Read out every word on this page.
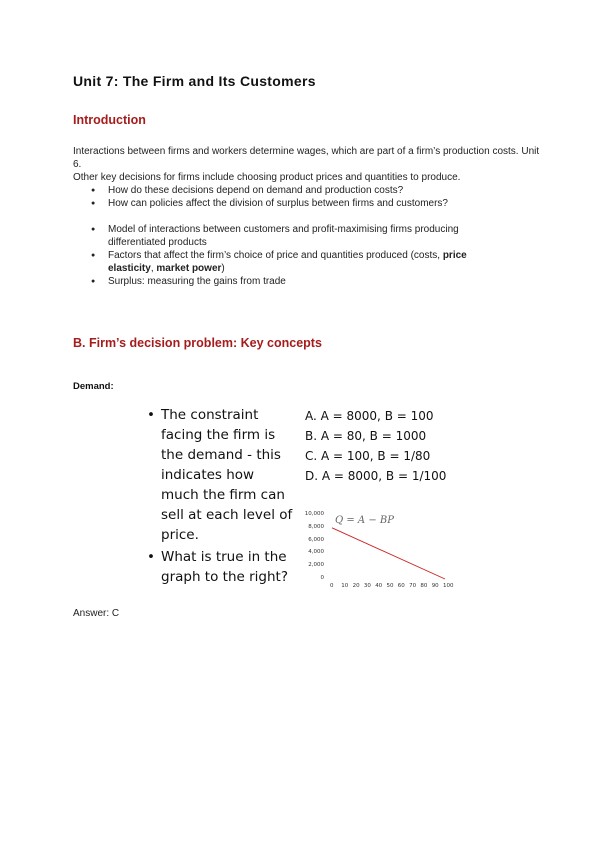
Unit 7: The Firm and Its Customers
Introduction
Interactions between firms and workers determine wages, which are part of a firm’s production costs. Unit 6.
Other key decisions for firms include choosing product prices and quantities to produce.
● How do these decisions depend on demand and production costs?
● How can policies affect the division of surplus between firms and customers?
● Model of interactions between customers and profit-maximising firms producing differentiated products
● Factors that affect the firm’s choice of price and quantities produced (costs, price elasticity, market power)
● Surplus: measuring the gains from trade
B. Firm’s decision problem: Key concepts
Demand:
• The constraint facing the firm is the demand - this indicates how much the firm can sell at each level of price.
• What is true in the graph to the right?
A. A = 8000, B = 100
B. A = 80, B = 1000
C. A = 100, B = 1/80
D. A = 8000, B = 1/100
Q = A − BP
0
2,000
4,000
6,000
8,000
10,000
0 10 20 30 40 50 60 70 80 90 100
Answer: C
